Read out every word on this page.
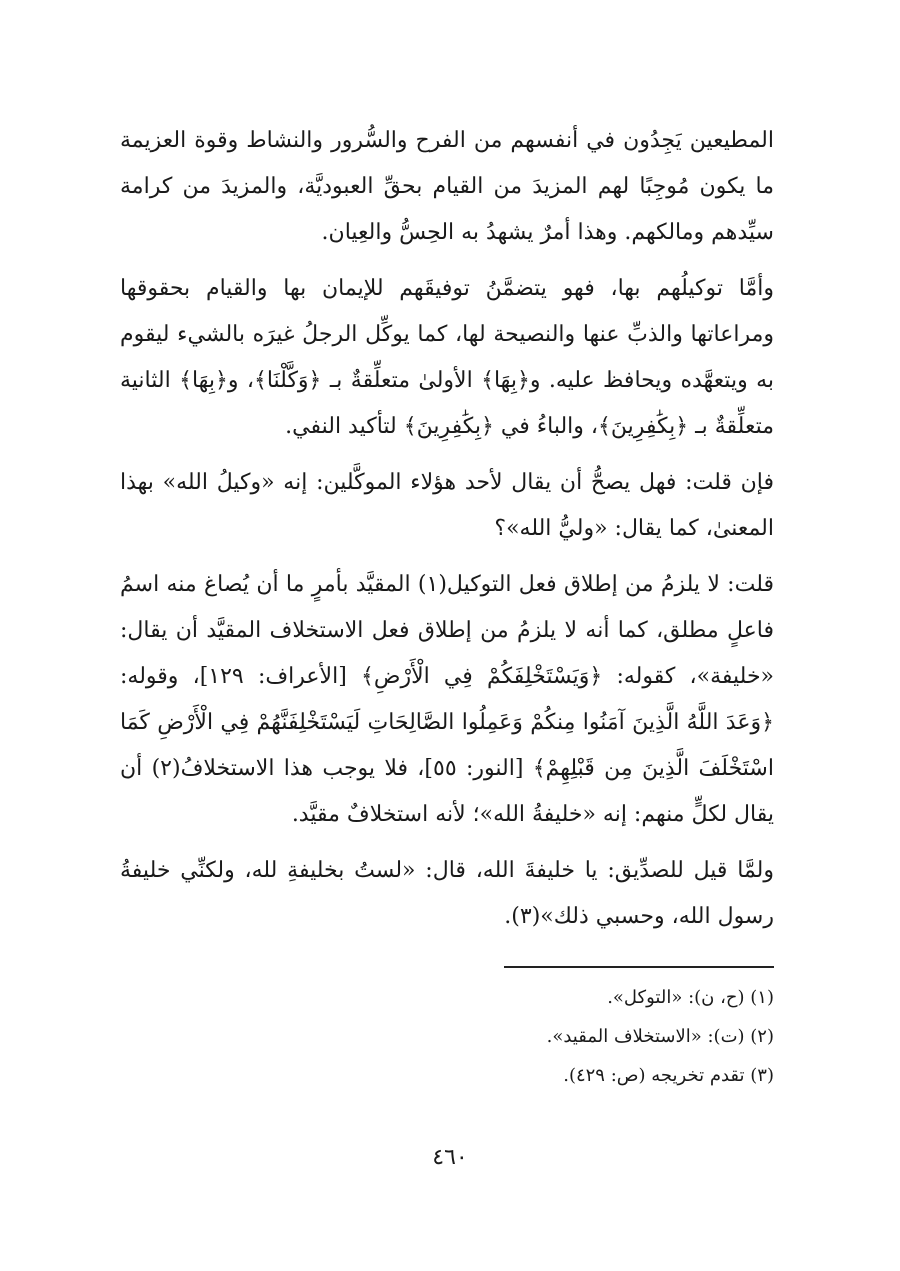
المطيعين يَجِدُون في أنفسهم من الفرح والسُّرور والنشاط وقوة العزيمة ما يكون مُوجِبًا لهم المزيدَ من القيام بحقِّ العبوديَّة، والمزيدَ من كرامة سيِّدهم ومالكهم. وهذا أمرٌ يشهدُ به الحِسُّ والعِيان.

وأمَّا توكيلُهم بها، فهو يتضمَّنُ توفيقَهم للإيمان بها والقيام بحقوقها ومراعاتها والذبِّ عنها والنصيحة لها، كما يوكِّل الرجلُ غيرَه بالشيء ليقوم به ويتعهَّده ويحافظ عليه. و﴿بِهَا﴾ الأولىٰ متعلِّقةٌ بـ ﴿وَكَّلْنَا﴾، و﴿بِهَا﴾ الثانية متعلِّقةٌ بـ ﴿بِكَٰفِرِينَ﴾، والباءُ في ﴿بِكَٰفِرِينَ﴾ لتأكيد النفي.

فإن قلت: فهل يصحُّ أن يقال لأحد هؤلاء الموكَّلين: إنه «وكيلُ الله» بهذا المعنىٰ، كما يقال: «وليُّ الله»؟

قلت: لا يلزمُ من إطلاق فعل التوكيل(١) المقيَّد بأمرٍ ما أن يُصاغ منه اسمُ فاعلٍ مطلق، كما أنه لا يلزمُ من إطلاق فعل الاستخلاف المقيَّد أن يقال: «خليفة»، كقوله: ﴿وَيَسْتَخْلِفَكُمْ فِي الْأَرْضِ﴾ [الأعراف: ١٢٩]، وقوله: ﴿وَعَدَ اللَّهُ الَّذِينَ آمَنُوا مِنكُمْ وَعَمِلُوا الصَّالِحَاتِ لَيَسْتَخْلِفَنَّهُمْ فِي الْأَرْضِ كَمَا اسْتَخْلَفَ الَّذِينَ مِن قَبْلِهِمْ﴾ [النور: ٥٥]، فلا يوجب هذا الاستخلافُ(٢) أن يقال لكلٍّ منهم: إنه «خليفةُ الله»؛ لأنه استخلافٌ مقيَّد.

ولمَّا قيل للصدِّيق: يا خليفةَ الله، قال: «لستُ بخليفةِ لله، ولكنِّي خليفةُ رسول الله، وحسبي ذلك»(٣).

(١) (ح، ن): «التوكل».

(٢) (ت): «الاستخلاف المقيد».

(٣) تقدم تخريجه (ص: ٤٢٩).

٤٦٠
